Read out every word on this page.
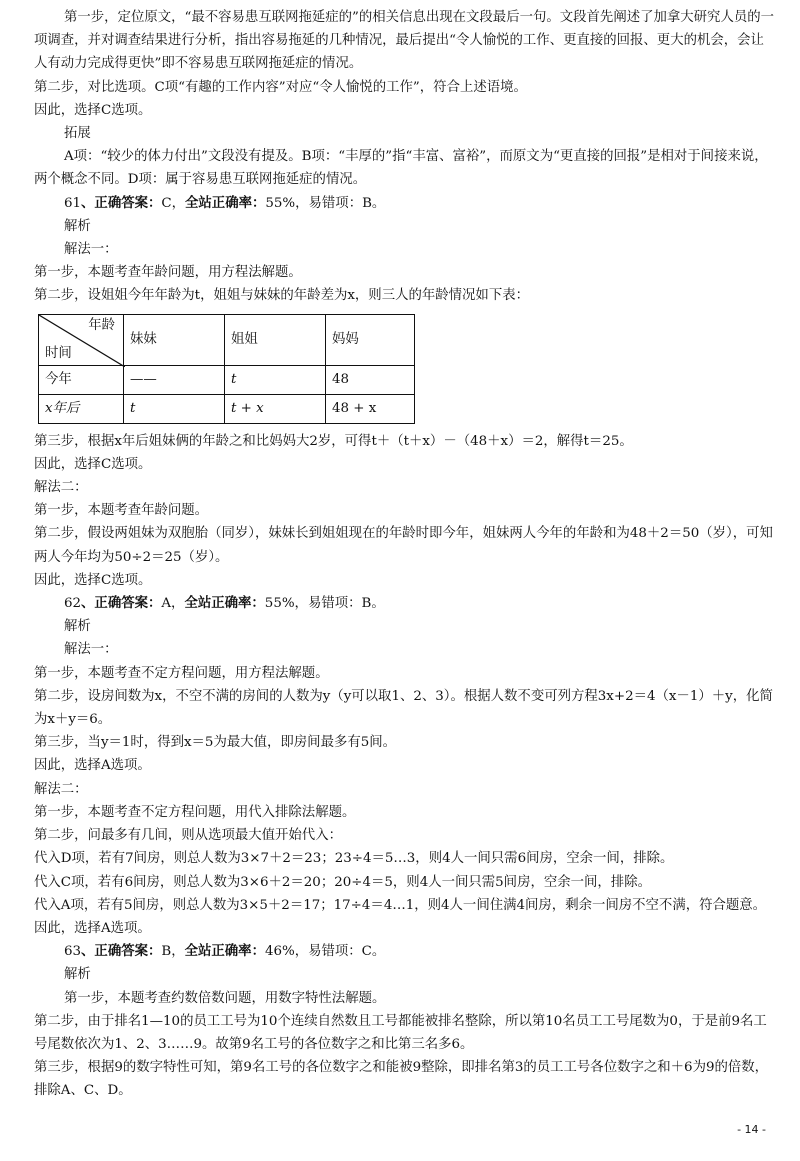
第一步，定位原文，“最不容易患互联网拖延症的”的相关信息出现在文段最后一句。文段首先阐述了加拿大研究人员的一项调查，并对调查结果进行分析，指出容易拖延的几种情况，最后提出“令人愉悦的工作、更直接的回报、更大的机会，会让人有动力完成得更快”即不容易患互联网拖延症的情况。

第二步，对比选项。C项“有趣的工作内容”对应“令人愉悦的工作”，符合上述语境。

因此，选择C选项。

拓展

A项：“较少的体力付出”文段没有提及。B项：“丰厚的”指“丰富、富裕”，而原文为“更直接的回报”是相对于间接来说，两个概念不同。D项：属于容易患互联网拖延症的情况。

61、正确答案：C，全站正确率：55%，易错项：B。

解析

解法一：

第一步，本题考查年龄问题，用方程法解题。

第二步，设姐姐今年年龄为t，姐姐与妹妹的年龄差为x，则三人的年龄情况如下表：

年龄
时间	妹妹	姐姐	妈妈
今年	——	t	48
x年后	t	t + x	48 + x

第三步，根据x年后姐妹俩的年龄之和比妈妈大2岁，可得t＋（t＋x）－（48＋x）＝2，解得t＝25。

因此，选择C选项。

解法二：

第一步，本题考查年龄问题。

第二步，假设两姐妹为双胞胎（同岁），妹妹长到姐姐现在的年龄时即今年，姐妹两人今年的年龄和为48＋2＝50（岁），可知两人今年均为50÷2＝25（岁）。

因此，选择C选项。

62、正确答案：A，全站正确率：55%，易错项：B。

解析

解法一：

第一步，本题考查不定方程问题，用方程法解题。

第二步，设房间数为x，不空不满的房间的人数为y（y可以取1、2、3）。根据人数不变可列方程3x+2＝4（x－1）＋y，化简为x＋y＝6。

第三步，当y＝1时，得到x＝5为最大值，即房间最多有5间。

因此，选择A选项。

解法二：

第一步，本题考查不定方程问题，用代入排除法解题。

第二步，问最多有几间，则从选项最大值开始代入：

代入D项，若有7间房，则总人数为3×7＋2＝23；23÷4＝5…3，则4人一间只需6间房，空余一间，排除。

代入C项，若有6间房，则总人数为3×6＋2＝20；20÷4＝5，则4人一间只需5间房，空余一间，排除。

代入A项，若有5间房，则总人数为3×5＋2＝17；17÷4＝4…1，则4人一间住满4间房，剩余一间房不空不满，符合题意。

因此，选择A选项。

63、正确答案：B，全站正确率：46%，易错项：C。

解析

第一步，本题考查约数倍数问题，用数字特性法解题。

第二步，由于排名1—10的员工工号为10个连续自然数且工号都能被排名整除，所以第10名员工工号尾数为0，于是前9名工号尾数依次为1、2、3……9。故第9名工号的各位数字之和比第三名多6。

第三步，根据9的数字特性可知，第9名工号的各位数字之和能被9整除，即排名第3的员工工号各位数字之和＋6为9的倍数，排除A、C、D。

- 14 -
